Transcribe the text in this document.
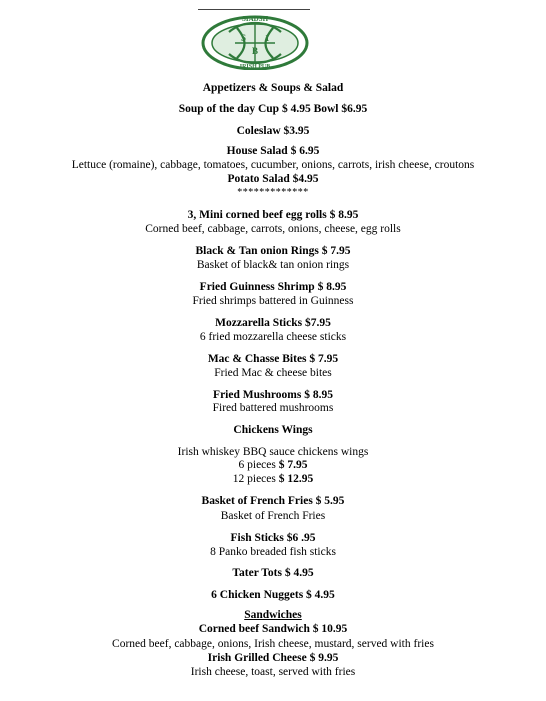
S 1
B
SIADSH
IRISH PUB
Appetizers & Soups & Salad
Soup of the day Cup $ 4.95 Bowl $6.95
Coleslaw $3.95
House Salad $ 6.95
Lettuce (romaine), cabbage, tomatoes, cucumber, onions, carrots, irish cheese, croutons
Potato Salad $4.95
*************
3, Mini corned beef egg rolls $ 8.95
Corned beef, cabbage, carrots, onions, cheese, egg rolls
Black & Tan onion Rings $ 7.95
Basket of black& tan onion rings
Fried Guinness Shrimp $ 8.95
Fried shrimps battered in Guinness
Mozzarella Sticks $7.95
6 fried mozzarella cheese sticks
Mac & Chasse Bites $ 7.95
Fried Mac & cheese bites
Fried Mushrooms $ 8.95
Fired battered mushrooms
Chickens Wings
Irish whiskey BBQ sauce chickens wings
6 pieces $ 7.95
12 pieces $ 12.95
Basket of French Fries $ 5.95
Basket of French Fries
Fish Sticks $6 .95
8 Panko breaded fish sticks
Tater Tots $ 4.95
6 Chicken Nuggets $ 4.95
Sandwiches
Corned beef Sandwich $ 10.95
Corned beef, cabbage, onions, Irish cheese, mustard, served with fries
Irish Grilled Cheese $ 9.95
Irish cheese, toast, served with fries
